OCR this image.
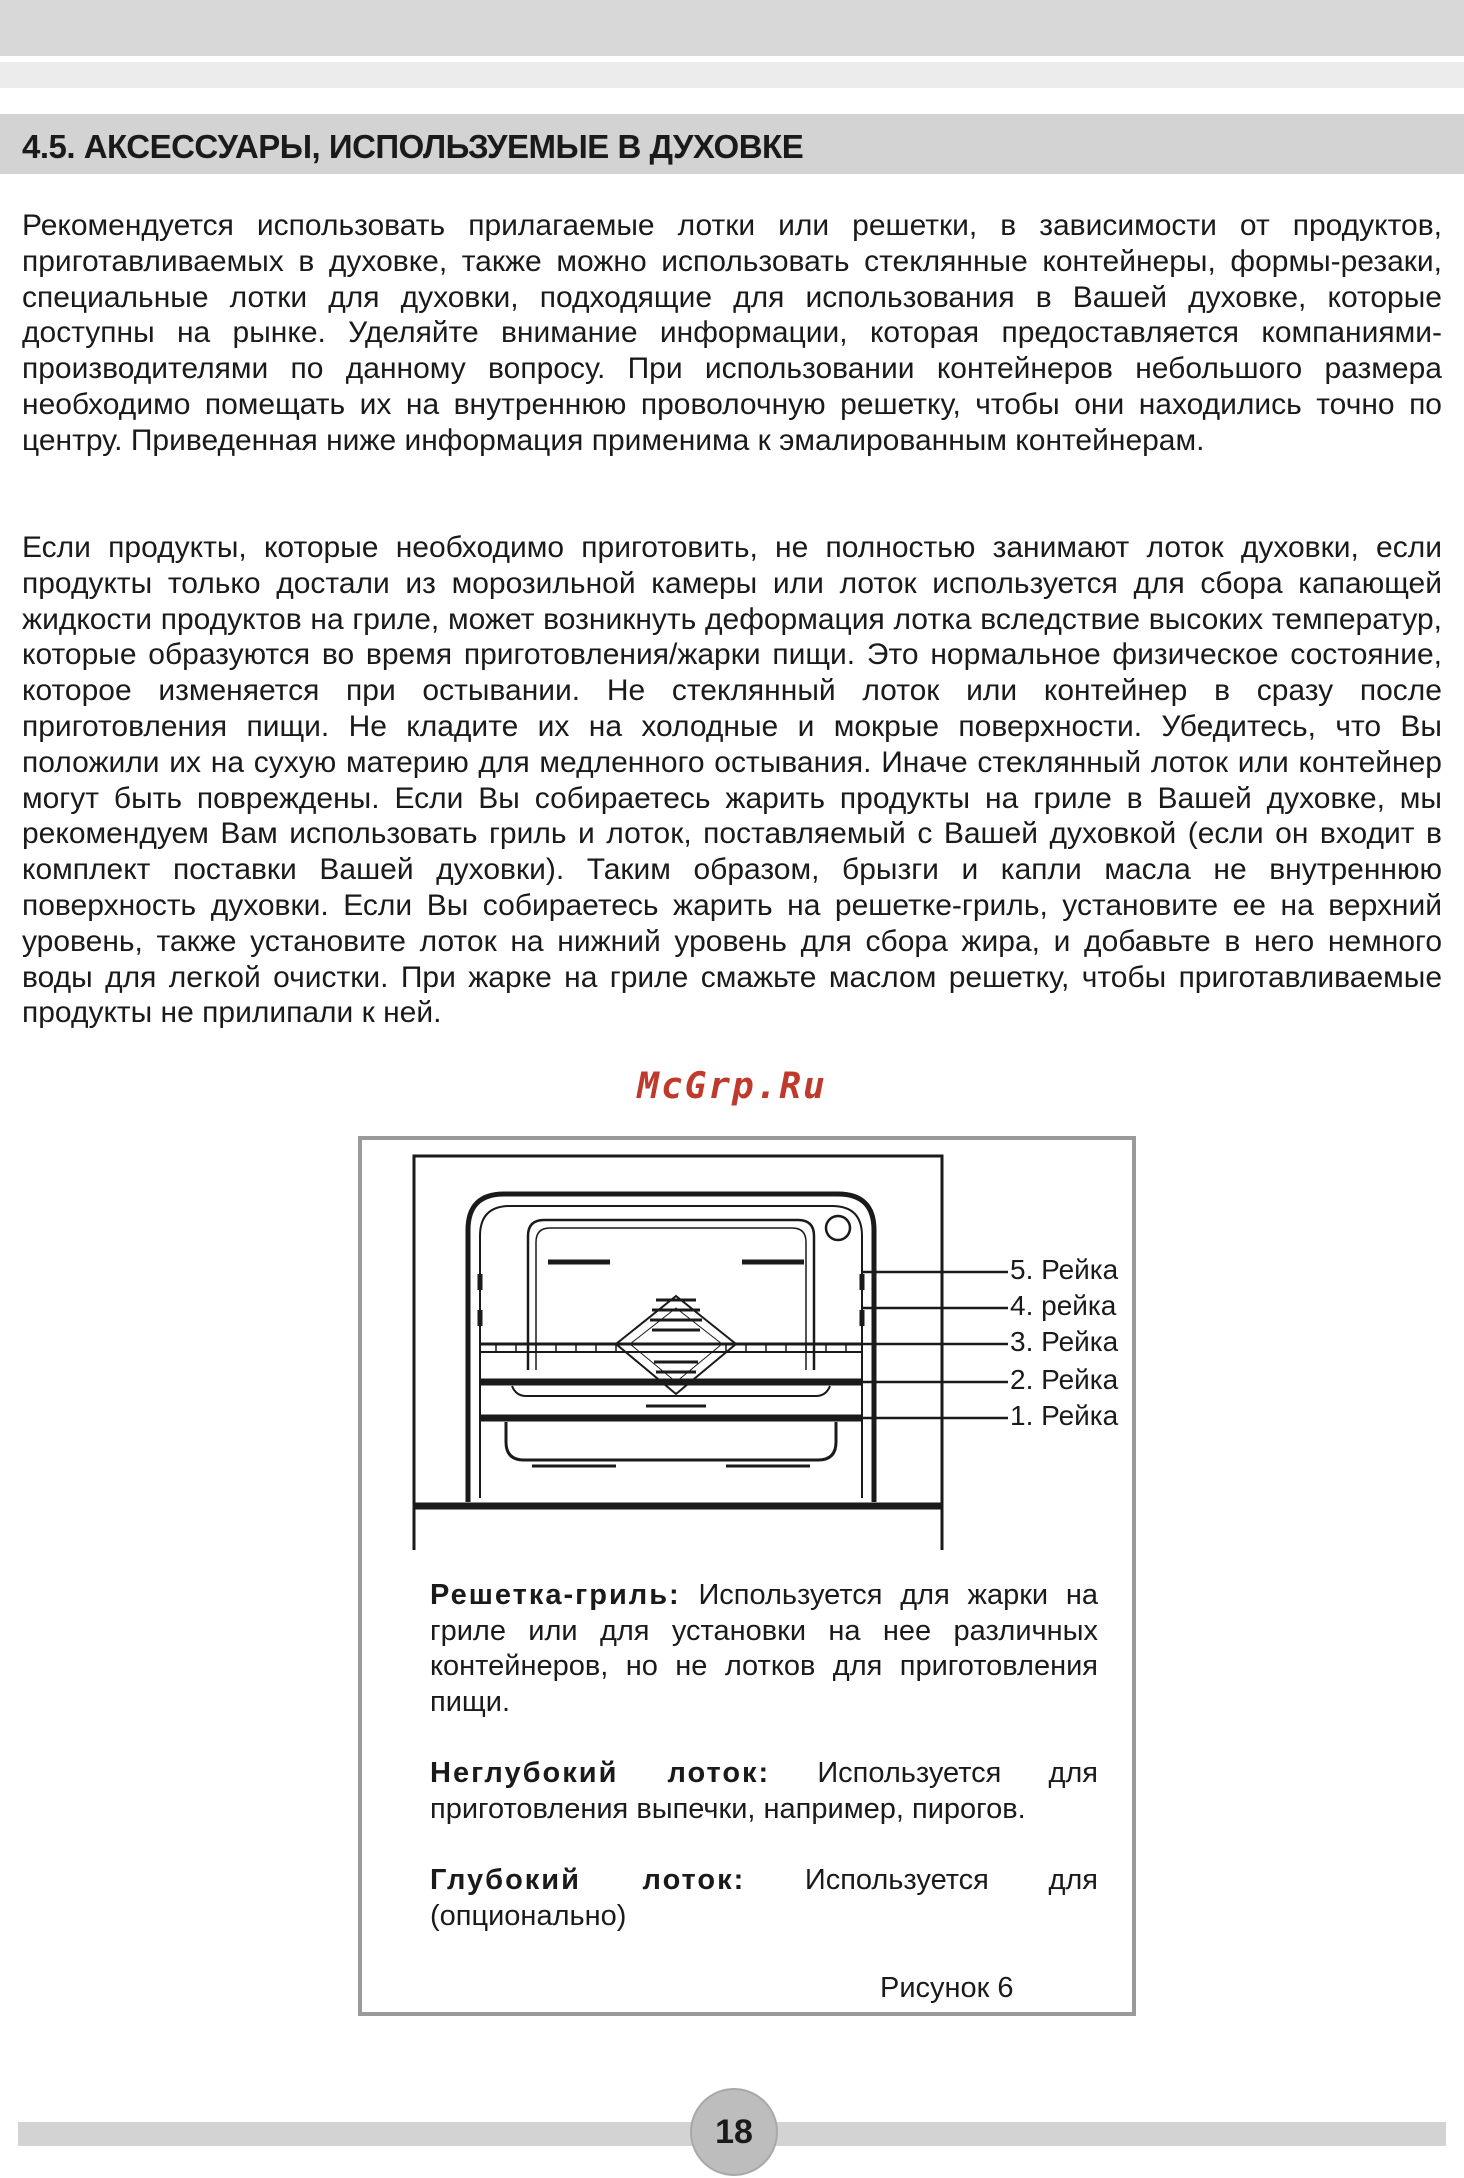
4.5. АКСЕССУАРЫ, ИСПОЛЬЗУЕМЫЕ В ДУХОВКЕ

Рекомендуется использовать прилагаемые лотки или решетки, в зависимости от продуктов, приготавливаемых в духовке, также можно использовать стеклянные контейнеры, формы-резаки, специальные лотки для духовки, подходящие для использования в Вашей духовке, которые доступны на рынке. Уделяйте внимание информации, которая предоставляется компаниями-производителями по данному вопросу. При использовании контейнеров небольшого размера необходимо помещать их на внутреннюю проволочную решетку, чтобы они находились точно по центру. Приведенная ниже информация применима к эмалированным контейнерам.

Если продукты, которые необходимо приготовить, не полностью занимают лоток духовки, если продукты только достали из морозильной камеры или лоток используется для сбора капающей жидкости продуктов на гриле, может возникнуть деформация лотка вследствие высоких температур, которые образуются во время приготовления/жарки пищи. Это нормальное физическое состояние, которое изменяется при остывании. Не стеклянный лоток или контейнер в сразу после приготовления пищи. Не кладите их на холодные и мокрые поверхности. Убедитесь, что Вы положили их на сухую материю для медленного остывания. Иначе стеклянный лоток или контейнер могут быть повреждены. Если Вы собираетесь жарить продукты на гриле в Вашей духовке, мы рекомендуем Вам использовать гриль и лоток, поставляемый с Вашей духовкой (если он входит в комплект поставки Вашей духовки). Таким образом, брызги и капли масла не внутреннюю поверхность духовки. Если Вы собираетесь жарить на решетке-гриль, установите ее на верхний уровень, также установите лоток на нижний уровень для сбора жира, и добавьте в него немного воды для легкой очистки. При жарке на гриле смажьте маслом решетку, чтобы приготавливаемые продукты не прилипали к ней.

McGrp.Ru
5. Рейка
4. рейка
3. Рейка
2. Рейка
1. Рейка

Решетка-гриль: Используется для жарки на гриле или для установки на нее различных контейнеров, но не лотков для приготовления пищи.

Неглубокий лоток: Используется для приготовления выпечки, например, пирогов.

Глубокий лоток: Используется для (опционально)

Рисунок 6
18
